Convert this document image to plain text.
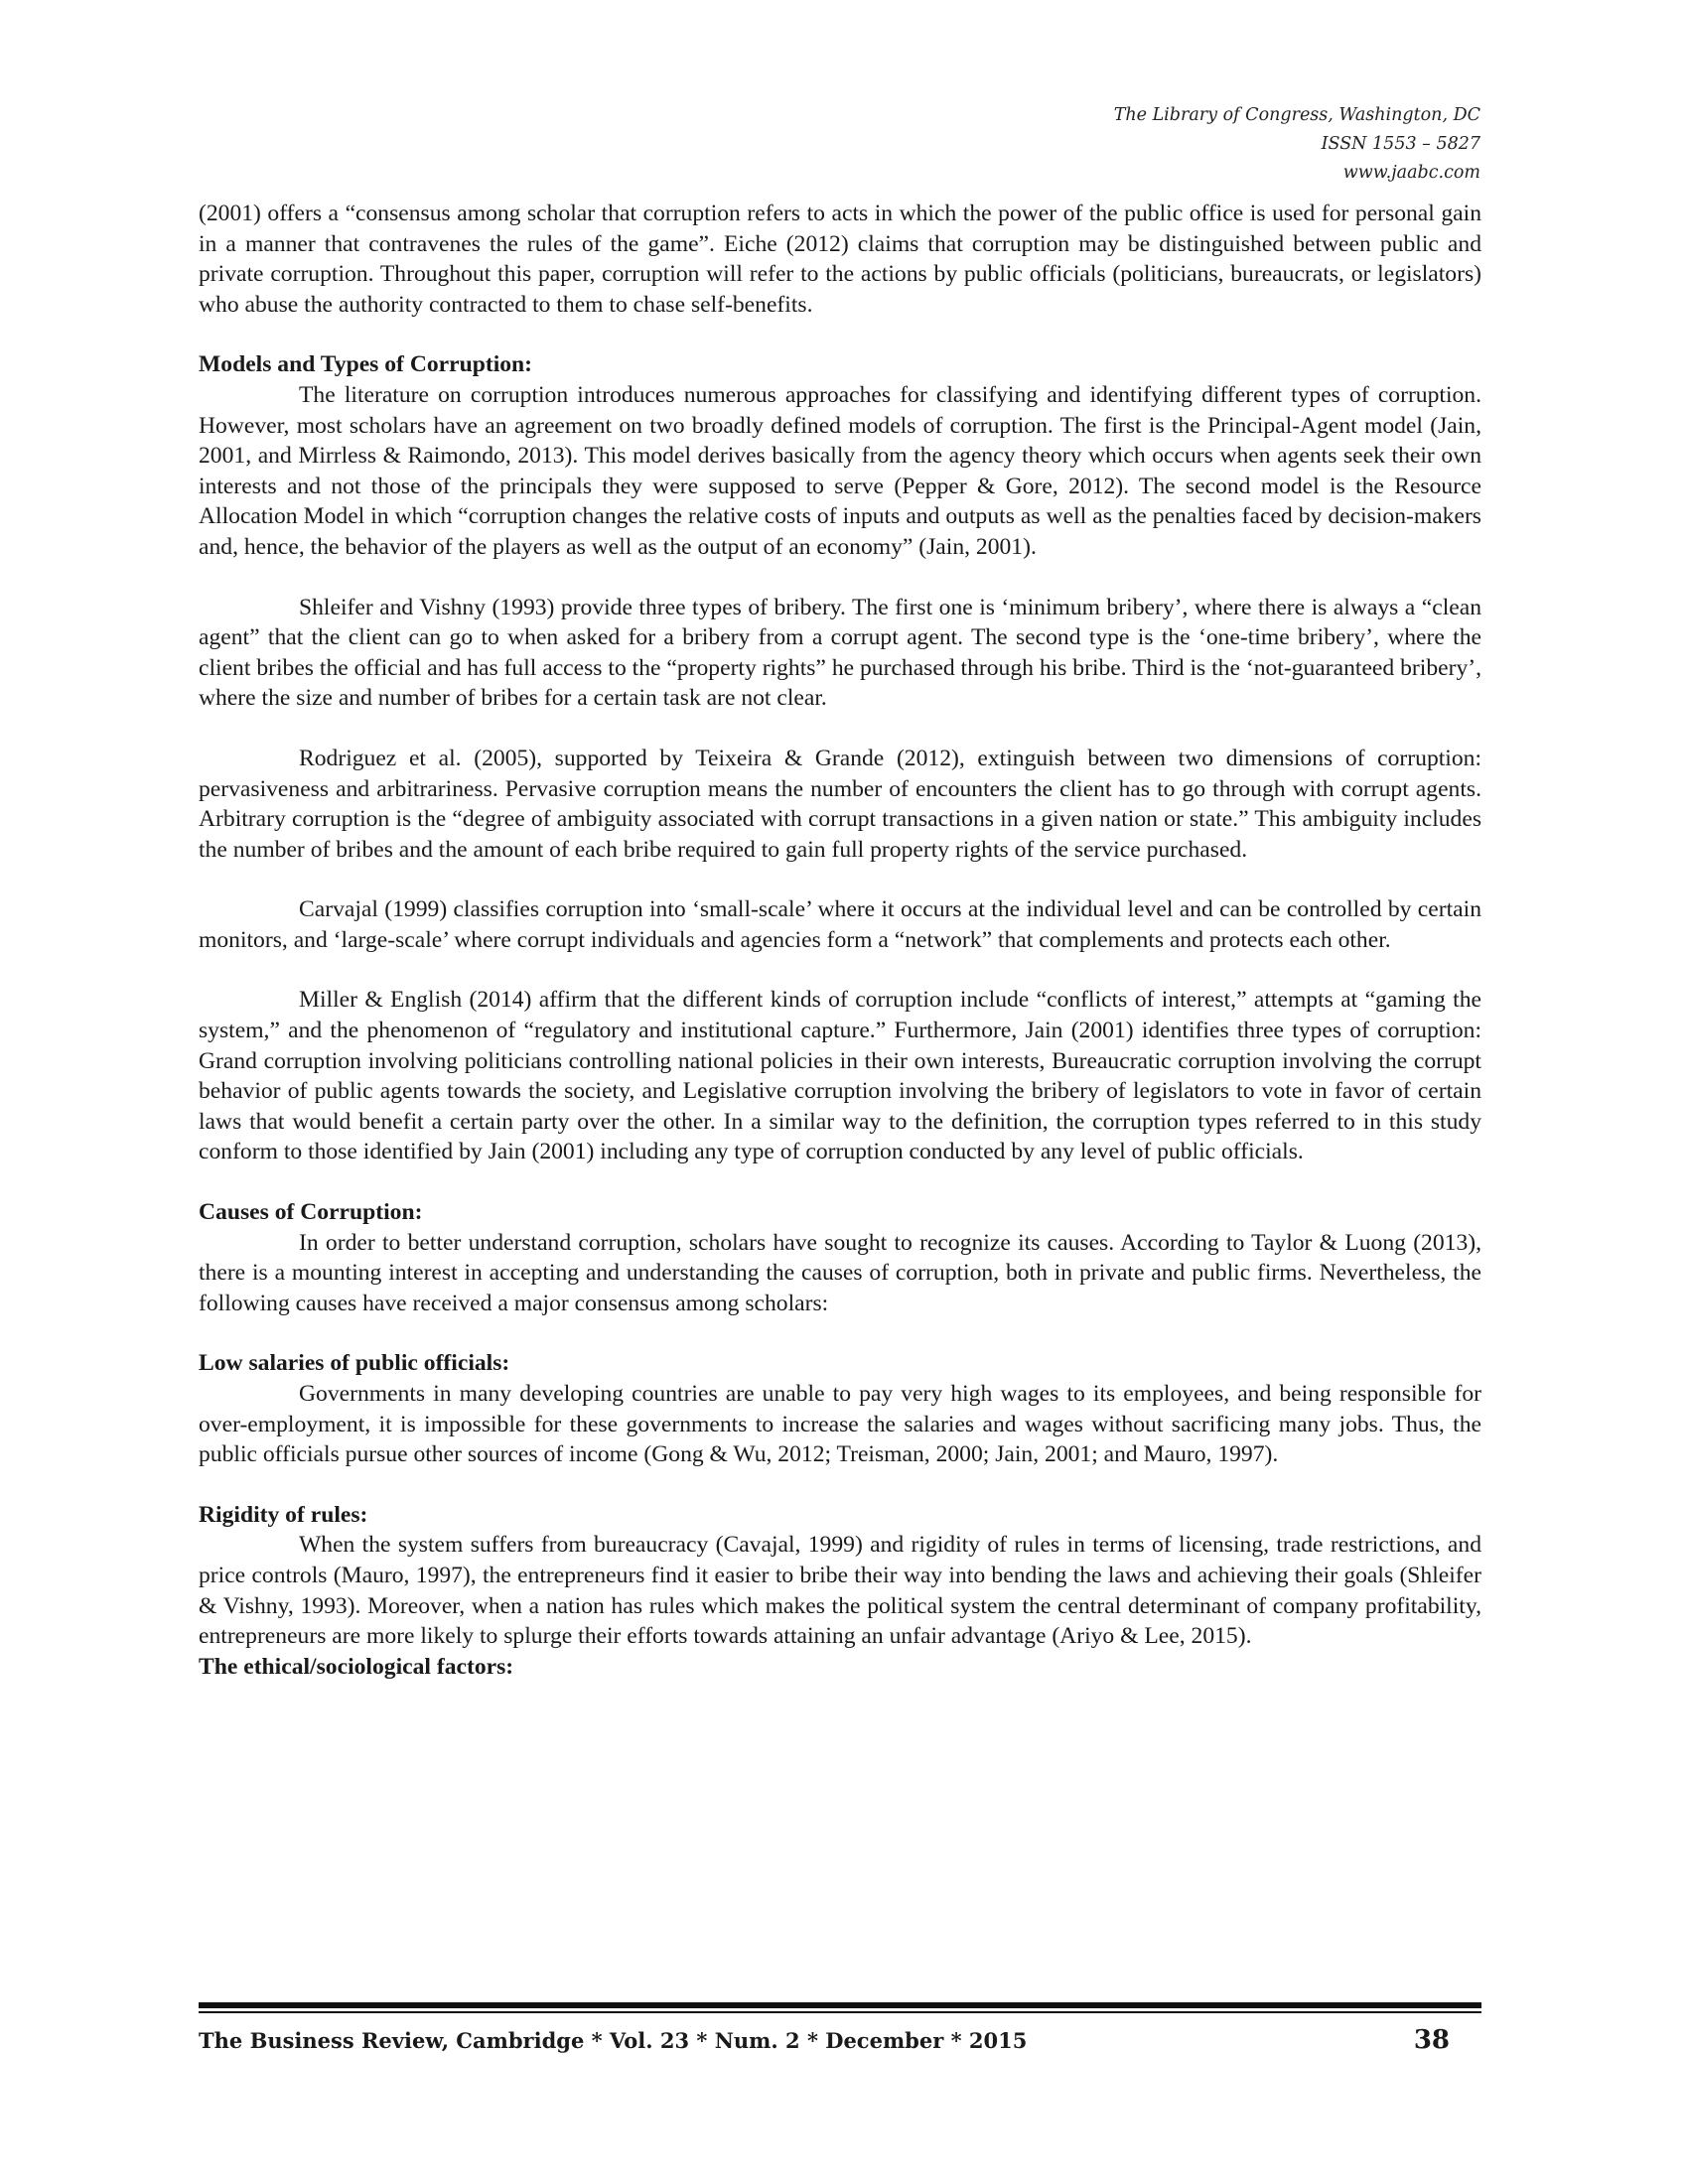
The Library of Congress, Washington, DC
ISSN 1553 – 5827
www.jaabc.com

(2001) offers a “consensus among scholar that corruption refers to acts in which the power of the public office is used for personal gain in a manner that contravenes the rules of the game”. Eiche (2012) claims that corruption may be distinguished between public and private corruption. Throughout this paper, corruption will refer to the actions by public officials (politicians, bureaucrats, or legislators) who abuse the authority contracted to them to chase self-benefits.

Models and Types of Corruption:

The literature on corruption introduces numerous approaches for classifying and identifying different types of corruption. However, most scholars have an agreement on two broadly defined models of corruption. The first is the Principal-Agent model (Jain, 2001, and Mirrless & Raimondo, 2013). This model derives basically from the agency theory which occurs when agents seek their own interests and not those of the principals they were supposed to serve (Pepper & Gore, 2012). The second model is the Resource Allocation Model in which “corruption changes the relative costs of inputs and outputs as well as the penalties faced by decision-makers and, hence, the behavior of the players as well as the output of an economy” (Jain, 2001).

Shleifer and Vishny (1993) provide three types of bribery. The first one is ‘minimum bribery’, where there is always a “clean agent” that the client can go to when asked for a bribery from a corrupt agent. The second type is the ‘one-time bribery’, where the client bribes the official and has full access to the “property rights” he purchased through his bribe. Third is the ‘not-guaranteed bribery’, where the size and number of bribes for a certain task are not clear.

Rodriguez et al. (2005), supported by Teixeira & Grande (2012), extinguish between two dimensions of corruption: pervasiveness and arbitrariness. Pervasive corruption means the number of encounters the client has to go through with corrupt agents. Arbitrary corruption is the “degree of ambiguity associated with corrupt transactions in a given nation or state.” This ambiguity includes the number of bribes and the amount of each bribe required to gain full property rights of the service purchased.

Carvajal (1999) classifies corruption into ‘small-scale’ where it occurs at the individual level and can be controlled by certain monitors, and ‘large-scale’ where corrupt individuals and agencies form a “network” that complements and protects each other.

Miller & English (2014) affirm that the different kinds of corruption include “conflicts of interest,” attempts at “gaming the system,” and the phenomenon of “regulatory and institutional capture.” Furthermore, Jain (2001) identifies three types of corruption: Grand corruption involving politicians controlling national policies in their own interests, Bureaucratic corruption involving the corrupt behavior of public agents towards the society, and Legislative corruption involving the bribery of legislators to vote in favor of certain laws that would benefit a certain party over the other. In a similar way to the definition, the corruption types referred to in this study conform to those identified by Jain (2001) including any type of corruption conducted by any level of public officials.

Causes of Corruption:

In order to better understand corruption, scholars have sought to recognize its causes. According to Taylor & Luong (2013), there is a mounting interest in accepting and understanding the causes of corruption, both in private and public firms. Nevertheless, the following causes have received a major consensus among scholars:

Low salaries of public officials:

Governments in many developing countries are unable to pay very high wages to its employees, and being responsible for over-employment, it is impossible for these governments to increase the salaries and wages without sacrificing many jobs. Thus, the public officials pursue other sources of income (Gong & Wu, 2012; Treisman, 2000; Jain, 2001; and Mauro, 1997).

Rigidity of rules:

When the system suffers from bureaucracy (Cavajal, 1999) and rigidity of rules in terms of licensing, trade restrictions, and price controls (Mauro, 1997), the entrepreneurs find it easier to bribe their way into bending the laws and achieving their goals (Shleifer & Vishny, 1993). Moreover, when a nation has rules which makes the political system the central determinant of company profitability, entrepreneurs are more likely to splurge their efforts towards attaining an unfair advantage (Ariyo & Lee, 2015).

The ethical/sociological factors:
The Business Review, Cambridge * Vol. 23 * Num. 2 * December * 2015	38
